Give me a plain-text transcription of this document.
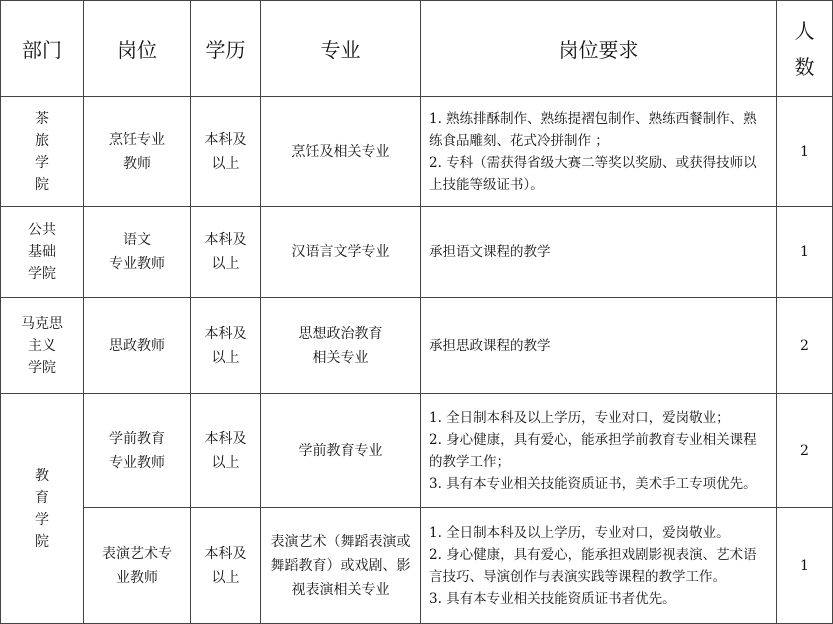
部门	岗位	学历	专业	岗位要求	人
数

茶
旅
学
院	烹饪专业
教师	本科及
以上	烹饪及相关专业	1. 熟练排酥制作、熟练提褶包制作、熟练西餐制作、熟练食品雕刻、花式冷拼制作 ；
2. 专科（需获得省级大赛二等奖以奖励、或获得技师以上技能等级证书）。	1
公共
基础
学院	语文
专业教师	本科及
以上	汉语言文学专业	承担语文课程的教学	1
马克思
主义
学院	思政教师	本科及
以上	思想政治教育
相关专业	承担思政课程的教学	2
教
育
学
院	学前教育
专业教师	本科及
以上	学前教育专业	1. 全日制本科及以上学历，专业对口，爱岗敬业；
2. 身心健康，具有爱心，能承担学前教育专业相关课程的教学工作；
3. 具有本专业相关技能资质证书，美术手工专项优先。	2
	表演艺术专
业教师	本科及
以上	表演艺术（舞蹈表演或舞蹈教育）或戏剧、影视表演相关专业	1. 全日制本科及以上学历，专业对口，爱岗敬业。
2. 身心健康，具有爱心，能承担戏剧影视表演、艺术语言技巧、导演创作与表演实践等课程的教学工作。
3. 具有本专业相关技能资质证书者优先。	1
